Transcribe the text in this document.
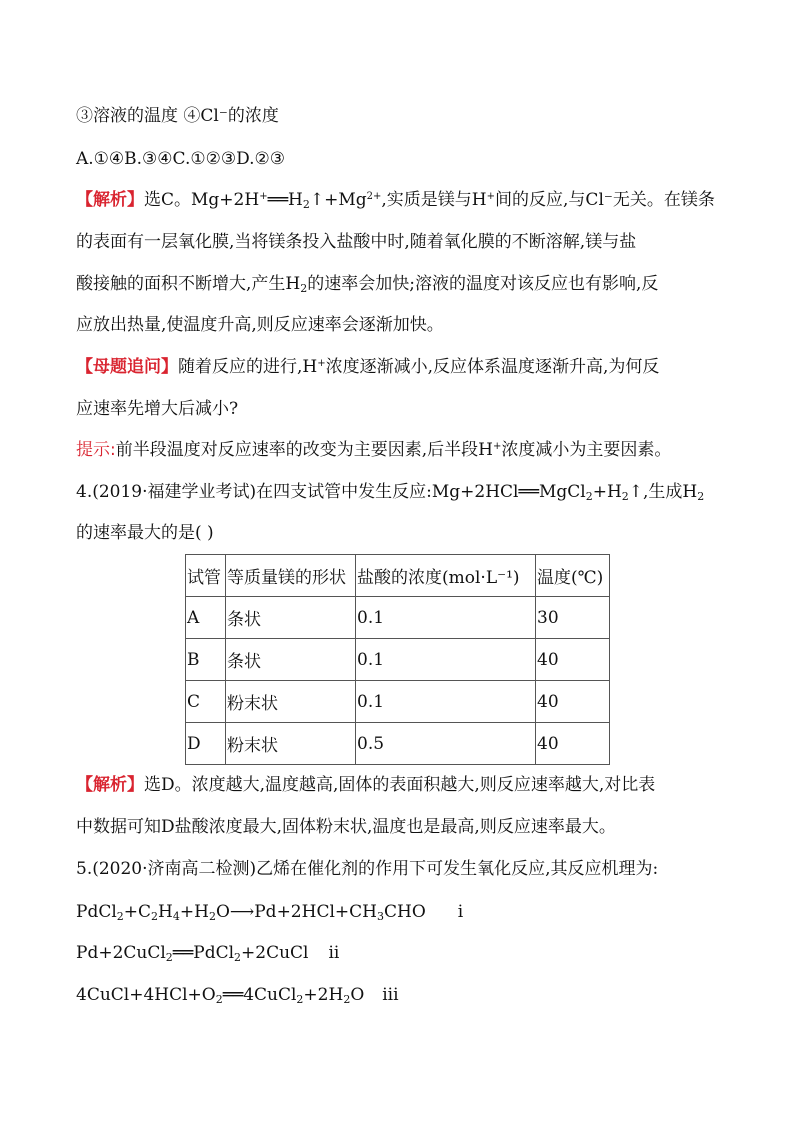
③溶液的温度 ④Cl⁻的浓度
A.①④B.③④C.①②③D.②③
【解析】选C。$Mg+2H^+══H_2↑+Mg^{2+}$,实质是镁与H+间的反应,与Cl⁻无关。在镁条
的表面有一层氧化膜,当将镁条投入盐酸中时,随着氧化膜的不断溶解,镁与盐
酸接触的面积不断增大,产生$H_2$的速率会加快;溶液的温度对该反应也有影响,反
应放出热量,使温度升高,则反应速率会逐渐加快。
【母题追问】随着反应的进行,H+浓度逐渐减小,反应体系温度逐渐升高,为何反
应速率先增大后减小?
提示:前半段温度对反应速率的改变为主要因素,后半段H+浓度减小为主要因素。
4.(2019·福建学业考试)在四支试管中发生反应$:Mg+2HCl══MgCl_2+H_2↑$,生成$H_2$
的速率最大的是( )
试管	等质量镁的形状	盐酸的浓度(mol·L⁻¹)	温度(℃)
A	条状	0.1	30
B	条状	0.1	40
C	粉末状	0.1	40
D	粉末状	0.5	40
【解析】选D。浓度越大,温度越高,固体的表面积越大,则反应速率越大,对比表
中数据可知D盐酸浓度最大,固体粉末状,温度也是最高,则反应速率最大。
5.(2020·济南高二检测)乙烯在催化剂的作用下可发生氧化反应,其反应机理为:
$PdCl_2+C_2H_4+H_2O⟶Pd+2HCl+CH_3CHO$ i
Pd+2CuCl$_2$══PdCl$_2$+2CuCl ii
$4CuCl+4HCl+O_2══4CuCl_2+2H_2O$ iii
